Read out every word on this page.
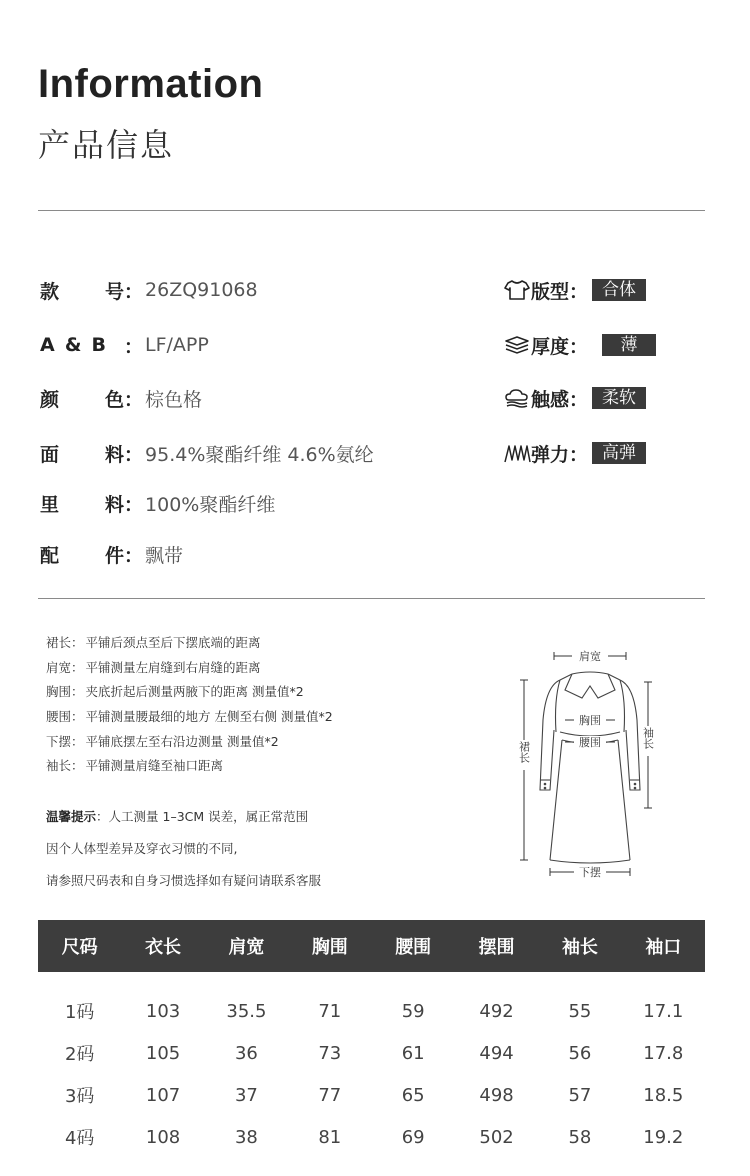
Information
产品信息
款 号 ： 26ZQ91068
A & B ： LF/APP
颜 色 ： 棕色格
面 料 ： 95.4%聚酯纤维 4.6%氨纶
里 料 ： 100%聚酯纤维
配 件 ： 飘带
版型 ： 合体
厚度 ：	薄
触感 ： 柔软
弹力 ： 高弹
裙长 ： 平铺后颈点至后下摆底端的距离
肩宽 ： 平铺测量左肩缝到右肩缝的距离
胸围 ： 夹底折起后测量两腋下的距离 测量值*2
腰围 ： 平铺测量腰最细的地方 左侧至右侧 测量值*2
下摆 ： 平铺底摆左至右沿边测量 测量值*2
袖长 ： 平铺测量肩缝至袖口距离
温馨提示 ： 人工测量 1–3CM 误差，属正常范围
因个人体型差异及穿衣习惯的不同,
请参照尺码表和自身习惯选择如有疑问请联系客服
肩宽
胸围
腰围
下摆
裙长
袖长
尺码	衣长	肩宽	胸围	腰围	摆围	袖长	袖口
1码	103	35.5	71	59	492	55	17.1
2码	105	36	73	61	494	56	17.8
3码	107	37	77	65	498	57	18.5
4码	108	38	81	69	502	58	19.2
